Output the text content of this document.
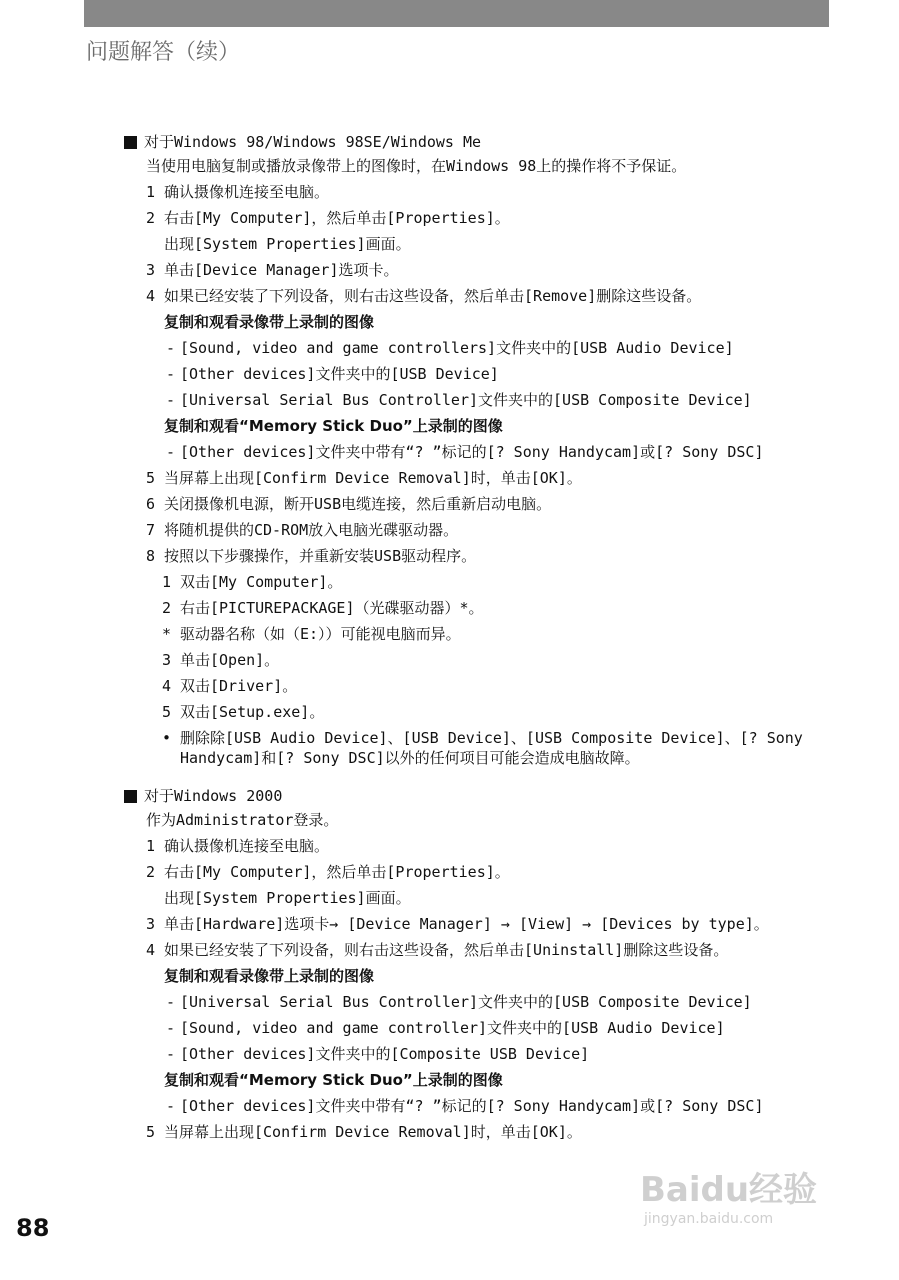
问题解答（续）
对于Windows 98/Windows 98SE/Windows Me
当使用电脑复制或播放录像带上的图像时，在Windows 98上的操作将不予保证。
1 确认摄像机连接至电脑。
2 右击[My Computer]，然后单击[Properties]。
出现[System Properties]画面。
3 单击[Device Manager]选项卡。
4 如果已经安装了下列设备，则右击这些设备，然后单击[Remove]删除这些设备。
复制和观看录像带上录制的图像
- [Sound, video and game controllers]文件夹中的[USB Audio Device]
- [Other devices]文件夹中的[USB Device]
- [Universal Serial Bus Controller]文件夹中的[USB Composite Device]
复制和观看“Memory Stick Duo”上录制的图像
- [Other devices]文件夹中带有“? ”标记的[? Sony Handycam]或[? Sony DSC]
5 当屏幕上出现[Confirm Device Removal]时，单击[OK]。
6 关闭摄像机电源，断开USB电缆连接，然后重新启动电脑。
7 将随机提供的CD-ROM放入电脑光碟驱动器。
8 按照以下步骤操作，并重新安装USB驱动程序。
1 双击[My Computer]。
2 右击[PICTUREPACKAGE]（光碟驱动器）*。
* 驱动器名称（如（E:））可能视电脑而异。
3 单击[Open]。
4 双击[Driver]。
5 双击[Setup.exe]。
• 删除除[USB Audio Device]、[USB Device]、[USB Composite Device]、[? Sony Handycam]和[? Sony DSC]以外的任何项目可能会造成电脑故障。
对于Windows 2000
作为Administrator登录。
1 确认摄像机连接至电脑。
2 右击[My Computer]，然后单击[Properties]。
出现[System Properties]画面。
3 单击[Hardware]选项卡→ [Device Manager] → [View] → [Devices by type]。
4 如果已经安装了下列设备，则右击这些设备，然后单击[Uninstall]删除这些设备。
复制和观看录像带上录制的图像
- [Universal Serial Bus Controller]文件夹中的[USB Composite Device]
- [Sound, video and game controller]文件夹中的[USB Audio Device]
- [Other devices]文件夹中的[Composite USB Device]
复制和观看“Memory Stick Duo”上录制的图像
- [Other devices]文件夹中带有“? ”标记的[? Sony Handycam]或[? Sony DSC]
5 当屏幕上出现[Confirm Device Removal]时，单击[OK]。
88
Baidu经验
jingyan.baidu.com
